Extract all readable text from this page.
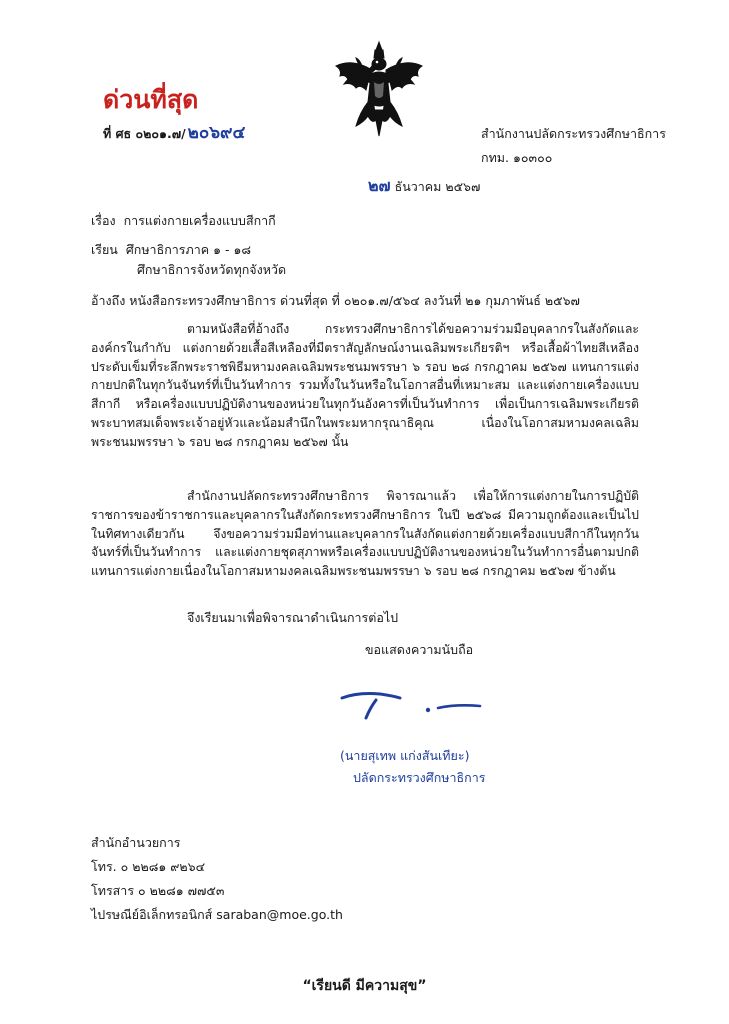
ด่วนที่สุด
ที่ ศธ ๐๒๐๑.๗/ ๒๐๖๙๔	สำนักงานปลัดกระทรวงศึกษาธิการ
กทม. ๑๐๓๐๐
๒๗ ธันวาคม ๒๕๖๗
เรื่อง การแต่งกายเครื่องแบบสีกากี
เรียน ศึกษาธิการภาค ๑ - ๑๘
ศึกษาธิการจังหวัดทุกจังหวัด
อ้างถึง หนังสือกระทรวงศึกษาธิการ ด่วนที่สุด ที่ ๐๒๐๑.๗/๕๖๔ ลงวันที่ ๒๑ กุมภาพันธ์ ๒๕๖๗

ตามหนังสือที่อ้างถึง กระทรวงศึกษาธิการได้ขอความร่วมมือบุคลากรในสังกัดและองค์กรในกำกับ แต่งกายด้วยเสื้อสีเหลืองที่มีตราสัญลักษณ์งานเฉลิมพระเกียรติฯ หรือเสื้อผ้าไทยสีเหลือง ประดับเข็มที่ระลึกพระราชพิธีมหามงคลเฉลิมพระชนมพรรษา ๖ รอบ ๒๘ กรกฎาคม ๒๕๖๗ แทนการแต่งกายปกติในทุกวันจันทร์ที่เป็นวันทำการ รวมทั้งในวันหรือในโอกาสอื่นที่เหมาะสม และแต่งกายเครื่องแบบสีกากี หรือเครื่องแบบปฏิบัติงานของหน่วยในทุกวันอังคารที่เป็นวันทำการ เพื่อเป็นการเฉลิมพระเกียรติพระบาทสมเด็จพระเจ้าอยู่หัวและน้อมสำนึกในพระมหากรุณาธิคุณ เนื่องในโอกาสมหามงคลเฉลิมพระชนมพรรษา ๖ รอบ ๒๘ กรกฎาคม ๒๕๖๗ นั้น

สำนักงานปลัดกระทรวงศึกษาธิการ พิจารณาแล้ว เพื่อให้การแต่งกายในการปฏิบัติราชการของข้าราชการและบุคลากรในสังกัดกระทรวงศึกษาธิการ ในปี ๒๕๖๘ มีความถูกต้องและเป็นไปในทิศทางเดียวกัน จึงขอความร่วมมือท่านและบุคลากรในสังกัดแต่งกายด้วยเครื่องแบบสีกากีในทุกวันจันทร์ที่เป็นวันทำการ และแต่งกายชุดสุภาพหรือเครื่องแบบปฏิบัติงานของหน่วยในวันทำการอื่นตามปกติ แทนการแต่งกายเนื่องในโอกาสมหามงคลเฉลิมพระชนมพรรษา ๖ รอบ ๒๘ กรกฎาคม ๒๕๖๗ ข้างต้น

จึงเรียนมาเพื่อพิจารณาดำเนินการต่อไป
ขอแสดงความนับถือ
(นายสุเทพ แก่งสันเทียะ)
ปลัดกระทรวงศึกษาธิการ
สำนักอำนวยการ
โทร. ๐ ๒๒๘๑ ๙๒๖๔
โทรสาร ๐ ๒๒๘๑ ๗๗๕๓
ไปรษณีย์อิเล็กทรอนิกส์ saraban@moe.go.th
“เรียนดี มีความสุข”
